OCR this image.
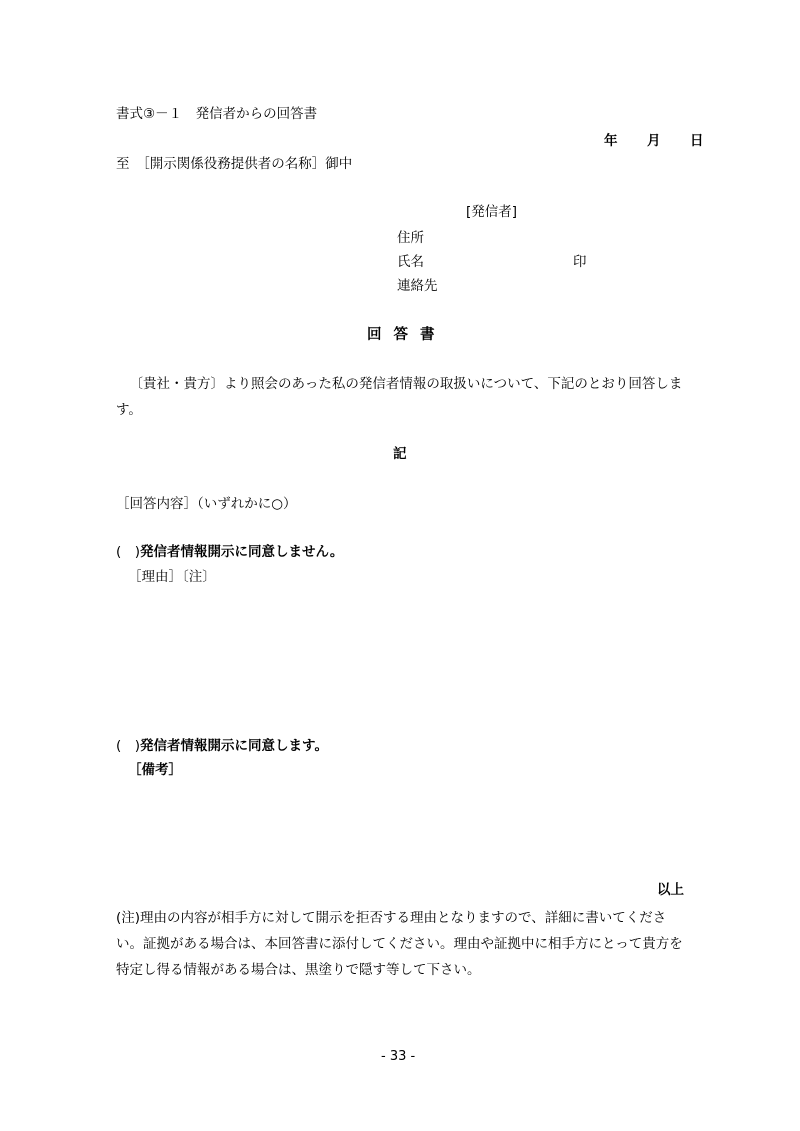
書式③－１　発信者からの回答書
年　月　日
至　［開示関係役務提供者の名称］御中
[発信者]
住所
氏名	印
連絡先
回答書
〔貴社・貴方〕より照会のあった私の発信者情報の取扱いについて、下記のとおり回答します。
記
［回答内容］（いずれかに○）
(　)発信者情報開示に同意しません。
［理由］〔注〕
(　)発信者情報開示に同意します。
［備考］
以上
(注)理由の内容が相手方に対して開示を拒否する理由となりますので、詳細に書いてください。証拠がある場合は、本回答書に添付してください。理由や証拠中に相手方にとって貴方を特定し得る情報がある場合は、黒塗りで隠す等して下さい。
- 33 -
